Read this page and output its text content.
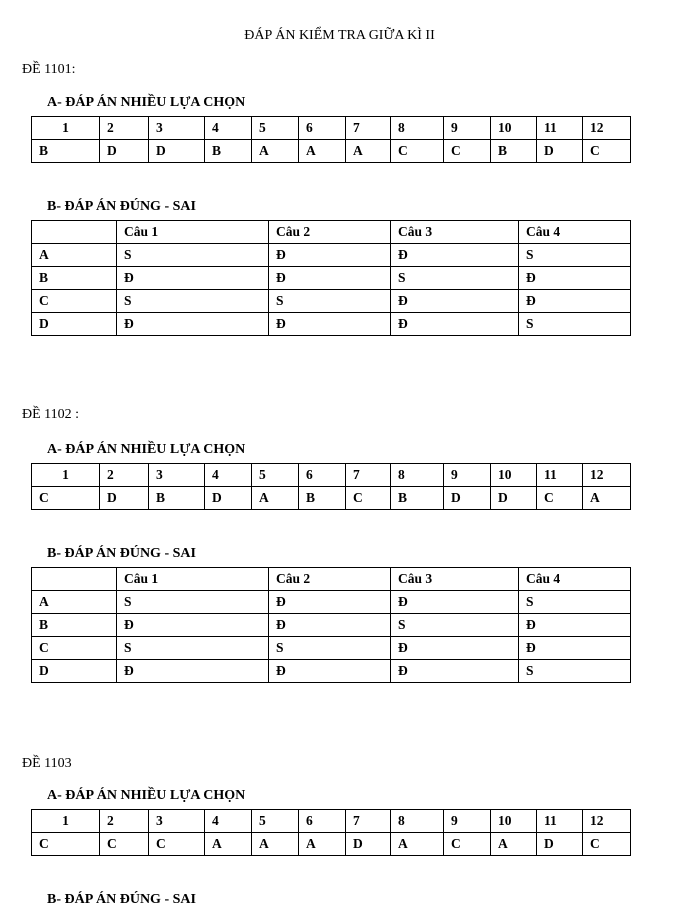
ĐÁP ÁN KIỂM TRA GIỮA KÌ II
ĐỀ 1101:
A- ĐÁP ÁN NHIỀU LỰA CHỌN
1	2	3	4	5	6	7	8	9	10	11	12
B	D	D	B	A	A	A	C	C	B	D	C
B- ĐÁP ÁN ĐÚNG - SAI
	Câu 1	Câu 2	Câu 3	Câu 4
A	S	Đ	Đ	S
B	Đ	Đ	S	Đ
C	S	S	Đ	Đ
D	Đ	Đ	Đ	S
ĐỀ 1102 :
A- ĐÁP ÁN NHIỀU LỰA CHỌN
1	2	3	4	5	6	7	8	9	10	11	12
C	D	B	D	A	B	C	B	D	D	C	A
B- ĐÁP ÁN ĐÚNG - SAI
	Câu 1	Câu 2	Câu 3	Câu 4
A	S	Đ	Đ	S
B	Đ	Đ	S	Đ
C	S	S	Đ	Đ
D	Đ	Đ	Đ	S
ĐỀ 1103
A- ĐÁP ÁN NHIỀU LỰA CHỌN
1	2	3	4	5	6	7	8	9	10	11	12
C	C	C	A	A	A	D	A	C	A	D	C
B- ĐÁP ÁN ĐÚNG - SAI
